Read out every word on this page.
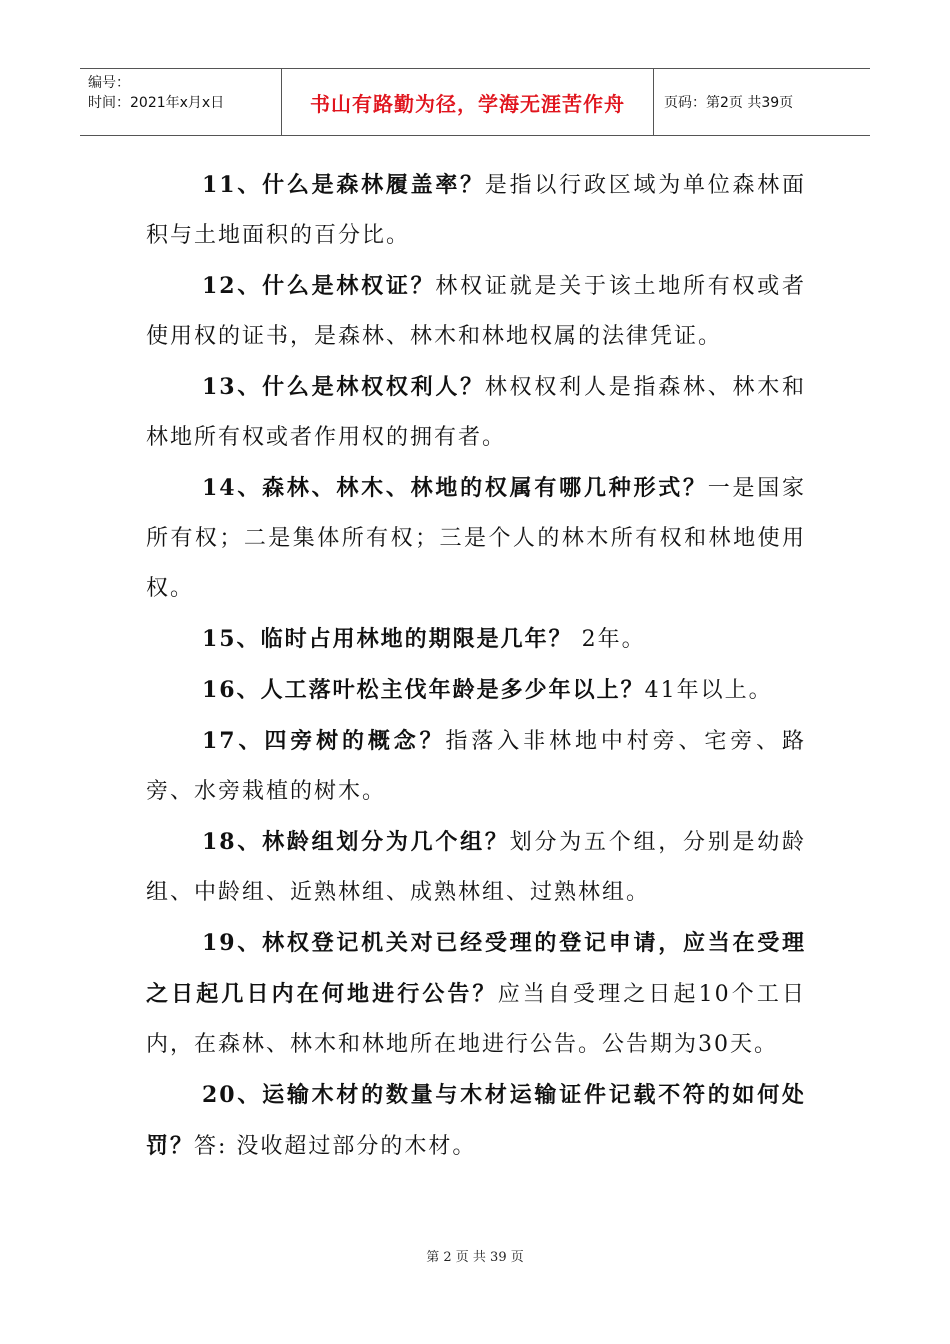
编号：
时间：2021年x月x日	书山有路勤为径，学海无涯苦作舟	页码：第2页 共39页

11、什么是森林履盖率？是指以行政区域为单位森林面积与土地面积的百分比。

12、什么是林权证？林权证就是关于该土地所有权或者使用权的证书，是森林、林木和林地权属的法律凭证。

13、什么是林权权利人？林权权利人是指森林、林木和林地所有权或者作用权的拥有者。

14、森林、林木、林地的权属有哪几种形式？一是国家所有权；二是集体所有权；三是个人的林木所有权和林地使用权。

15、临时占用林地的期限是几年？ 2年。

16、人工落叶松主伐年龄是多少年以上？41年以上。

17、四旁树的概念？指落入非林地中村旁、宅旁、路旁、水旁栽植的树木。

18、林龄组划分为几个组？划分为五个组，分别是幼龄组、中龄组、近熟林组、成熟林组、过熟林组。

19、林权登记机关对已经受理的登记申请，应当在受理之日起几日内在何地进行公告？应当自受理之日起10个工日内，在森林、林木和林地所在地进行公告。公告期为30天。

20、运输木材的数量与木材运输证件记载不符的如何处罚？答: 没收超过部分的木材。

第 2 页 共 39 页
